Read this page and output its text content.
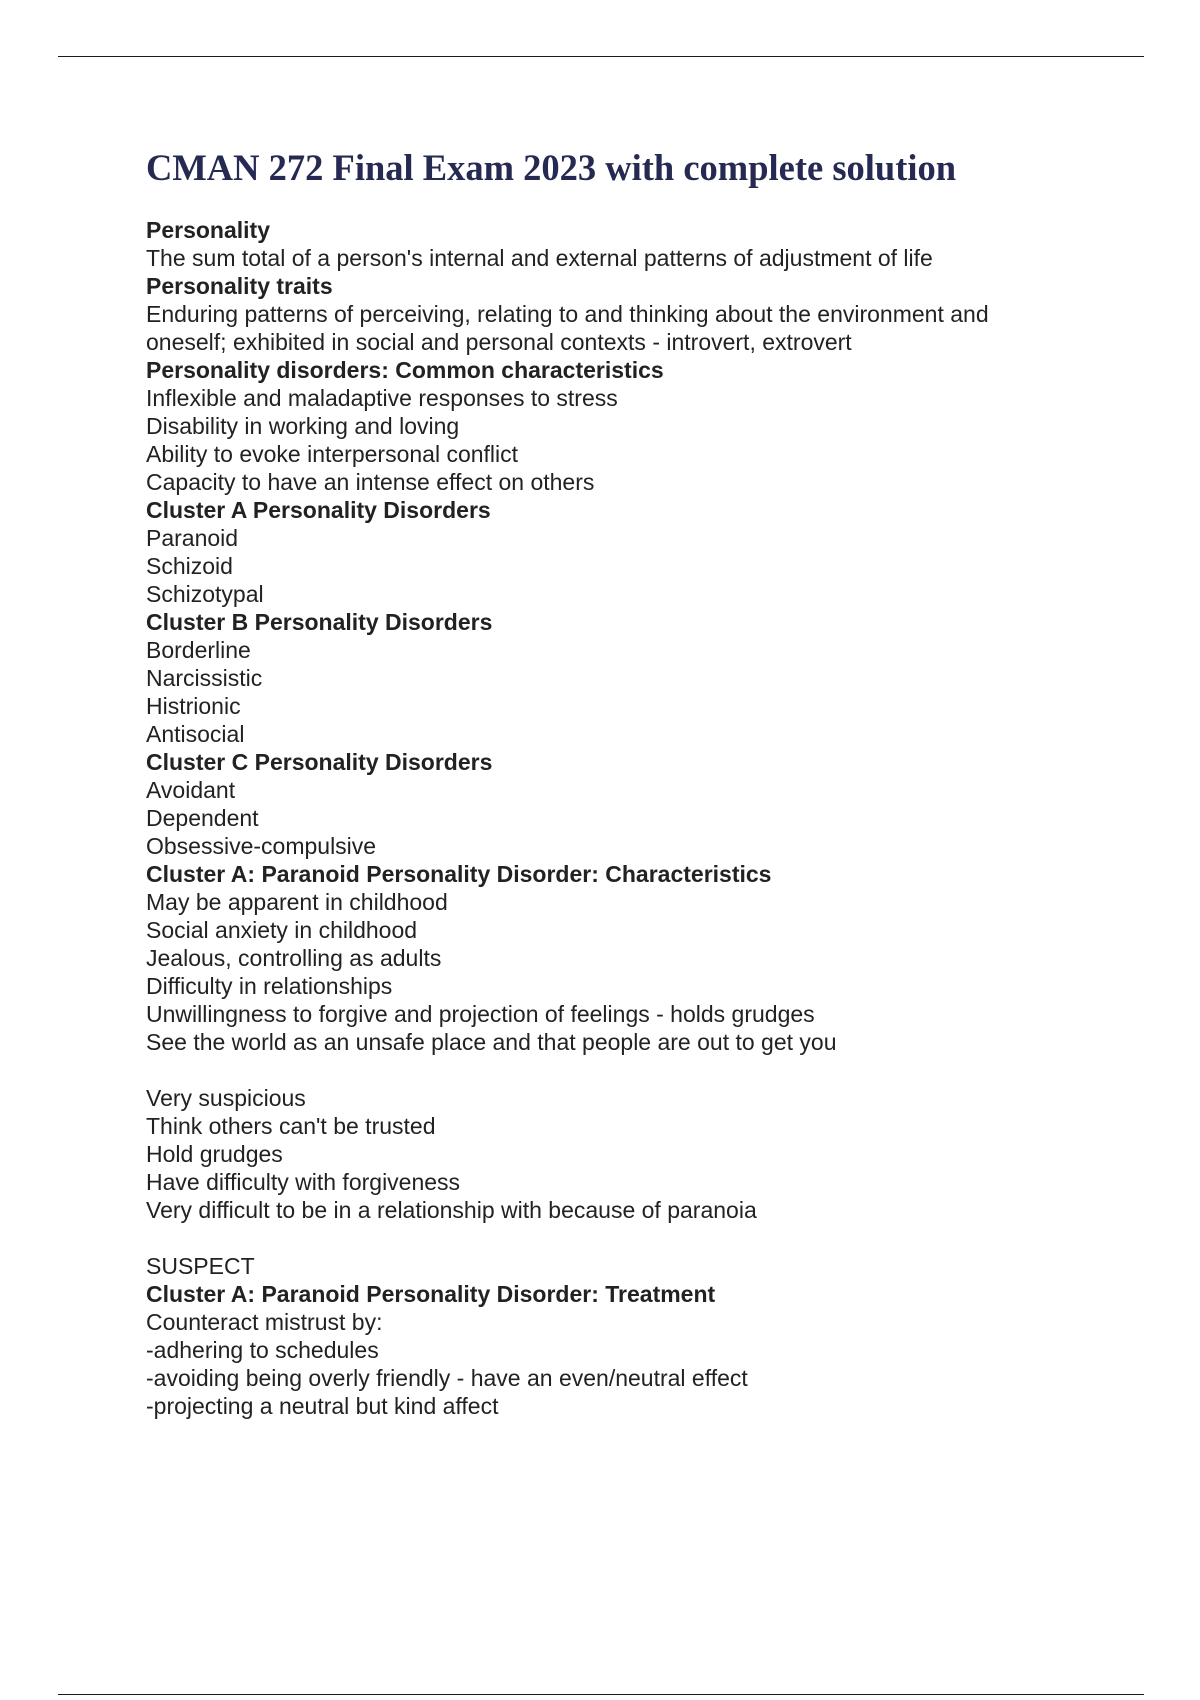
CMAN 272 Final Exam 2023 with complete solution
Personality
The sum total of a person's internal and external patterns of adjustment of life
Personality traits
Enduring patterns of perceiving, relating to and thinking about the environment and
oneself; exhibited in social and personal contexts - introvert, extrovert
Personality disorders: Common characteristics
Inflexible and maladaptive responses to stress
Disability in working and loving
Ability to evoke interpersonal conflict
Capacity to have an intense effect on others
Cluster A Personality Disorders
Paranoid
Schizoid
Schizotypal
Cluster B Personality Disorders
Borderline
Narcissistic
Histrionic
Antisocial
Cluster C Personality Disorders
Avoidant
Dependent
Obsessive-compulsive
Cluster A: Paranoid Personality Disorder: Characteristics
May be apparent in childhood
Social anxiety in childhood
Jealous, controlling as adults
Difficulty in relationships
Unwillingness to forgive and projection of feelings - holds grudges
See the world as an unsafe place and that people are out to get you
Very suspicious
Think others can't be trusted
Hold grudges
Have difficulty with forgiveness
Very difficult to be in a relationship with because of paranoia
SUSPECT
Cluster A: Paranoid Personality Disorder: Treatment
Counteract mistrust by:
-adhering to schedules
-avoiding being overly friendly - have an even/neutral effect
-projecting a neutral but kind affect
